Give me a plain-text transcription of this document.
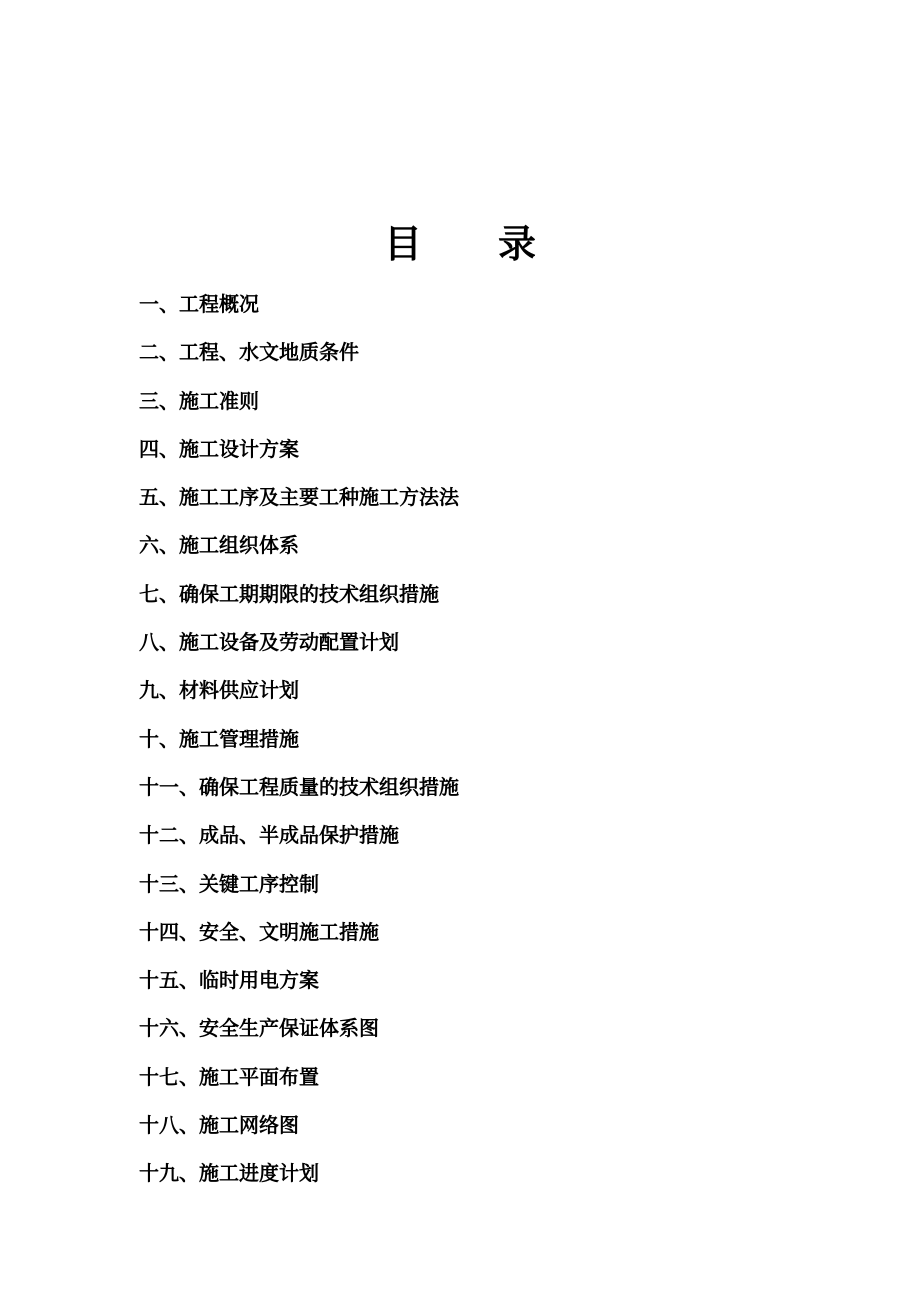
目　　录
一、工程概况
二、工程、水文地质条件
三、施工准则
四、施工设计方案
五、施工工序及主要工种施工方法法
六、施工组织体系
七、确保工期期限的技术组织措施
八、施工设备及劳动配置计划
九、材料供应计划
十、施工管理措施
十一、确保工程质量的技术组织措施
十二、成品、半成品保护措施
十三、关键工序控制
十四、安全、文明施工措施
十五、临时用电方案
十六、安全生产保证体系图
十七、施工平面布置
十八、施工网络图
十九、施工进度计划
